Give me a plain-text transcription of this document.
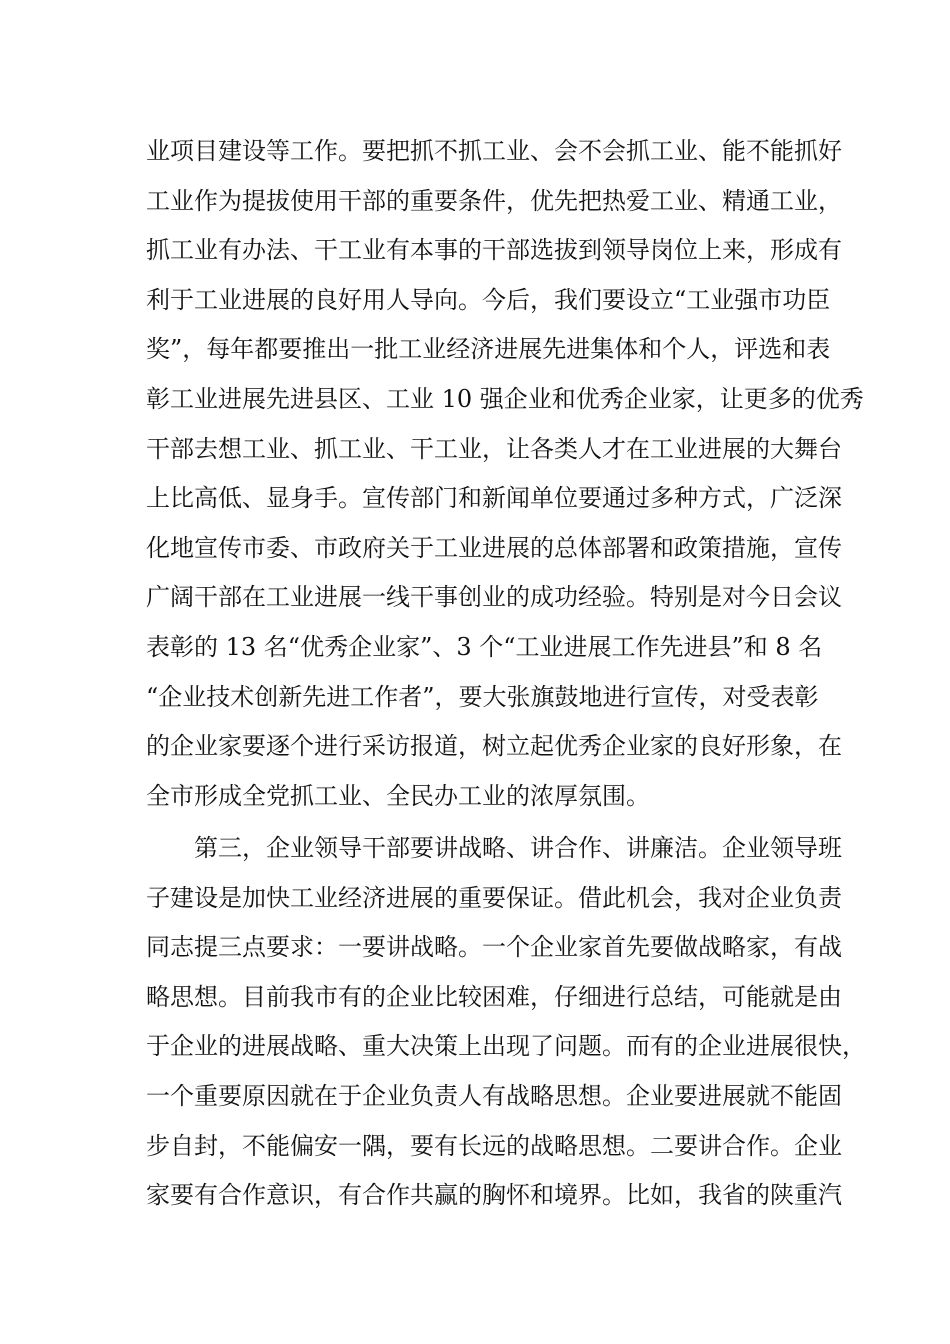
业项目建设等工作。要把抓不抓工业、会不会抓工业、能不能抓好
工业作为提拔使用干部的重要条件，优先把热爱工业、精通工业，
抓工业有办法、干工业有本事的干部选拔到领导岗位上来，形成有
利于工业进展的良好用人导向。今后，我们要设立“工业强市功臣
奖”，每年都要推出一批工业经济进展先进集体和个人，评选和表
彰工业进展先进县区、工业 10 强企业和优秀企业家，让更多的优秀
干部去想工业、抓工业、干工业，让各类人才在工业进展的大舞台
上比高低、显身手。宣传部门和新闻单位要通过多种方式，广泛深
化地宣传市委、市政府关于工业进展的总体部署和政策措施，宣传
广阔干部在工业进展一线干事创业的成功经验。特别是对今日会议
表彰的 13 名“优秀企业家”、3 个“工业进展工作先进县”和 8 名
“企业技术创新先进工作者”，要大张旗鼓地进行宣传，对受表彰
的企业家要逐个进行采访报道，树立起优秀企业家的良好形象，在
全市形成全党抓工业、全民办工业的浓厚氛围。
　　第三，企业领导干部要讲战略、讲合作、讲廉洁。企业领导班
子建设是加快工业经济进展的重要保证。借此机会，我对企业负责
同志提三点要求：一要讲战略。一个企业家首先要做战略家，有战
略思想。目前我市有的企业比较困难，仔细进行总结，可能就是由
于企业的进展战略、重大决策上出现了问题。而有的企业进展很快，
一个重要原因就在于企业负责人有战略思想。企业要进展就不能固
步自封，不能偏安一隅，要有长远的战略思想。二要讲合作。企业
家要有合作意识，有合作共赢的胸怀和境界。比如，我省的陕重汽
